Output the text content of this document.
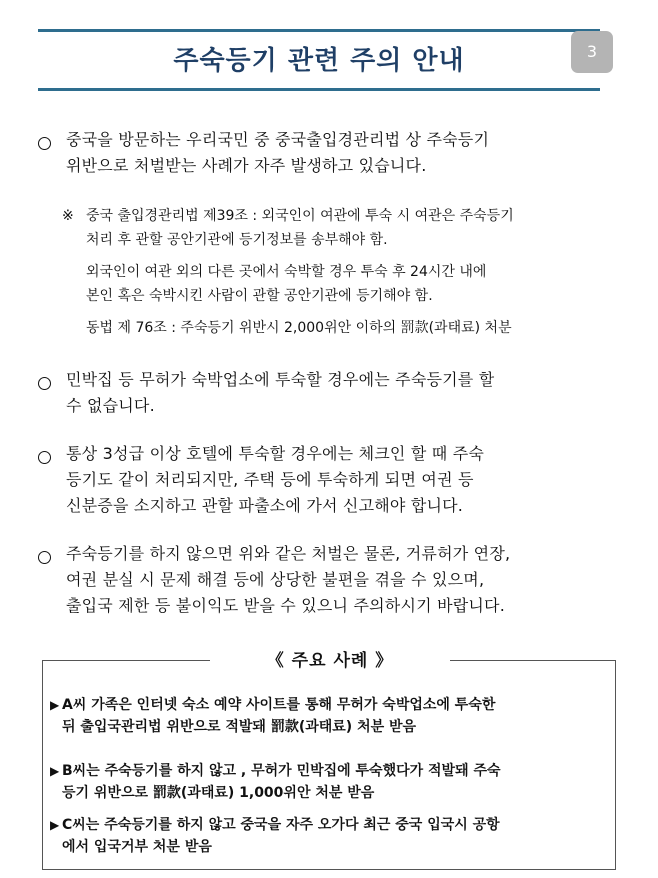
주숙등기 관련 주의 안내	3
중국을 방문하는 우리국민 중 중국출입경관리법 상 주숙등기
위반으로 처벌받는 사례가 자주 발생하고 있습니다.
※ 중국 출입경관리법 제39조 : 외국인이 여관에 투숙 시 여관은 주숙등기
처리 후 관할 공안기관에 등기정보를 송부해야 함.
외국인이 여관 외의 다른 곳에서 숙박할 경우 투숙 후 24시간 내에
본인 혹은 숙박시킨 사람이 관할 공안기관에 등기해야 함.
동법 제 76조 : 주숙등기 위반시 2,000위안 이하의 罰款(과태료) 처분
민박집 등 무허가 숙박업소에 투숙할 경우에는 주숙등기를 할
수 없습니다.
통상 3성급 이상 호텔에 투숙할 경우에는 체크인 할 때 주숙
등기도 같이 처리되지만, 주택 등에 투숙하게 되면 여권 등
신분증을 소지하고 관할 파출소에 가서 신고해야 합니다.
주숙등기를 하지 않으면 위와 같은 처벌은 물론, 거류허가 연장,
여권 분실 시 문제 해결 등에 상당한 불편을 겪을 수 있으며,
출입국 제한 등 불이익도 받을 수 있으니 주의하시기 바랍니다.
《 주요 사례 》
▶ A씨 가족은 인터넷 숙소 예약 사이트를 통해 무허가 숙박업소에 투숙한
뒤 출입국관리법 위반으로 적발돼 罰款(과태료) 처분 받음
▶ B씨는 주숙등기를 하지 않고 , 무허가 민박집에 투숙했다가 적발돼 주숙
등기 위반으로 罰款(과태료) 1,000위안 처분 받음
▶ C씨는 주숙등기를 하지 않고 중국을 자주 오가다 최근 중국 입국시 공항
에서 입국거부 처분 받음
